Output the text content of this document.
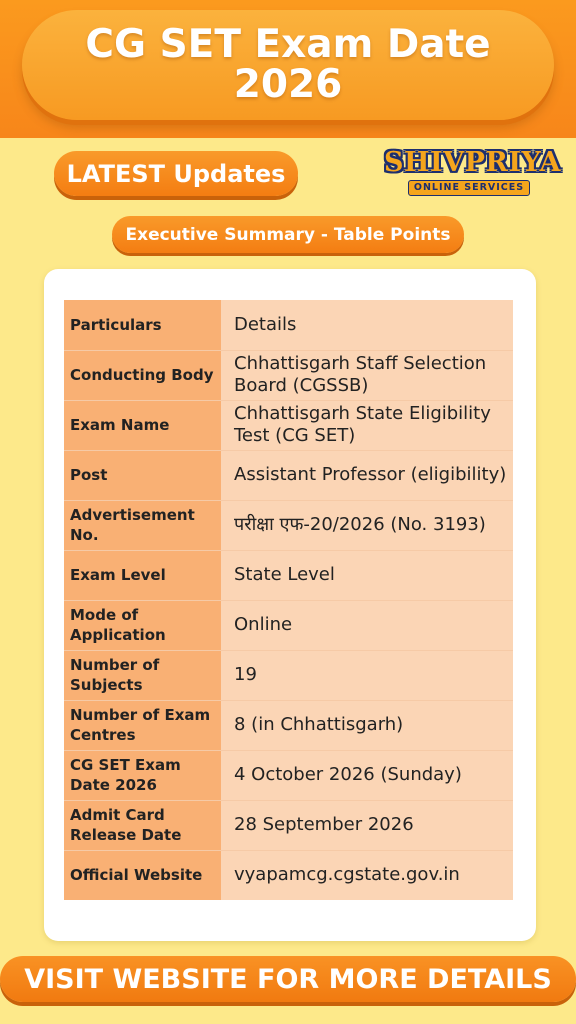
CG SET Exam Date 2026
LATEST Updates	SHIVPRIYA
ONLINE SERVICES
Executive Summary - Table Points
Particulars	Details
Conducting Body	Chhattisgarh Staff Selection Board (CGSSB)
Exam Name	Chhattisgarh State Eligibility Test (CG SET)
Post	Assistant Professor (eligibility)
Advertisement No.	परीक्षा एफ-20/2026 (No. 3193)
Exam Level	State Level
Mode of Application	Online
Number of Subjects	19
Number of Exam Centres	8 (in Chhattisgarh)
CG SET Exam Date 2026	4 October 2026 (Sunday)
Admit Card Release Date	28 September 2026
Official Website	vyapamcg.cgstate.gov.in
VISIT WEBSITE FOR MORE DETAILS
